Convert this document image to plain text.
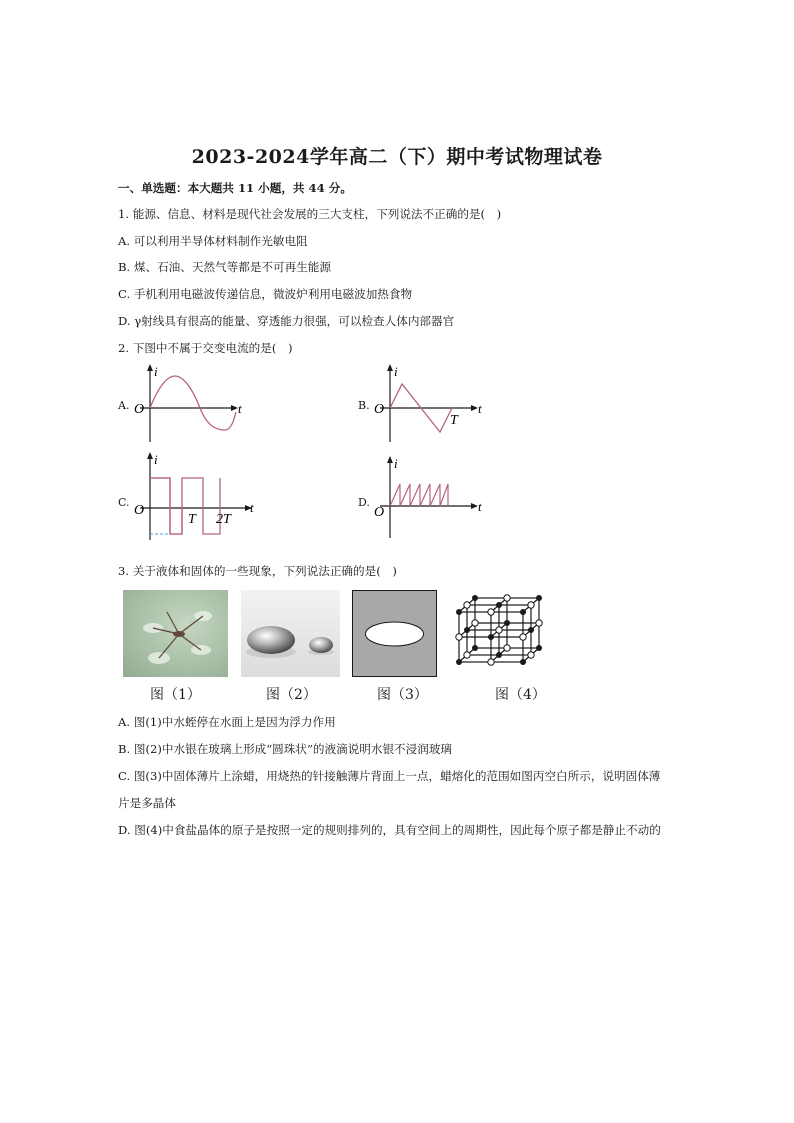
2023-2024学年高二（下）期中考试物理试卷
一、单选题：本大题共 11 小题，共 44 分。
1. 能源、信息、材料是现代社会发展的三大支柱，下列说法不正确的是(　)
A. 可以利用半导体材料制作光敏电阻
B. 煤、石油、天然气等都是不可再生能源
C. 手机利用电磁波传递信息，微波炉利用电磁波加热食物
D. γ射线具有很高的能量、穿透能力很强，可以检查人体内部器官
2. 下图中不属于交变电流的是(　)
A.
i
t
O	B.
i
t
O
T
C.
i
t
O
T 2T
D.
i
t
O
3. 关于液体和固体的一些现象，下列说法正确的是(　)
图（1）	图（2）	图（3）	图（4）
A. 图(1)中水蛭停在水面上是因为浮力作用
B. 图(2)中水银在玻璃上形成“圆珠状”的液滴说明水银不浸润玻璃
C. 图(3)中固体薄片上涂蜡，用烧热的针接触薄片背面上一点，蜡熔化的范围如图丙空白所示，说明固体薄
片是多晶体
D. 图(4)中食盐晶体的原子是按照一定的规则排列的，具有空间上的周期性，因此每个原子都是静止不动的
